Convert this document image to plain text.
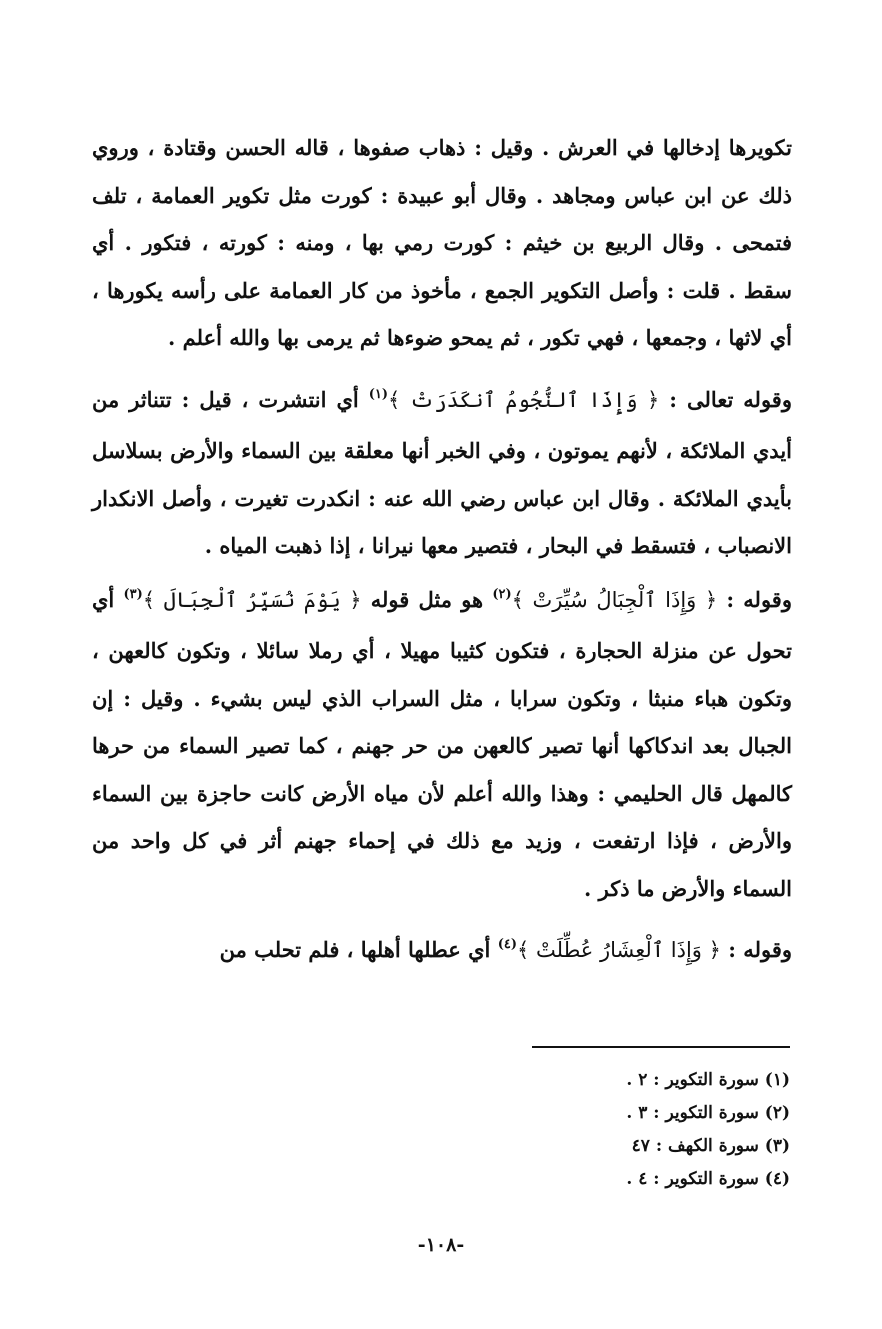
تكويرها إدخالها في العرش . وقيل : ذهاب صفوها ، قاله الحسن وقتادة ، وروي ذلك عن ابن عباس ومجاهد . وقال أبو عبيدة : كورت مثل تكوير العمامة ، تلف فتمحى . وقال الربيع بن خيثم : كورت رمي بها ، ومنه : كورته ، فتكور . أي سقط . قلت : وأصل التكوير الجمع ، مأخوذ من كار العمامة على رأسه يكورها ، أي لاثها ، وجمعها ، فهي تكور ، ثم يمحو ضوءها ثم يرمى بها والله أعلم .

وقوله تعالى : ﴿ وَإِذَا ٱلنُّجُومُ ٱنكَدَرَتْ ﴾$^{(١)}$ أي انتشرت ، قيل : تتناثر من أيدي الملائكة ، لأنهم يموتون ، وفي الخبر أنها معلقة بين السماء والأرض بسلاسل بأيدي الملائكة . وقال ابن عباس رضي الله عنه : انكدرت تغيرت ، وأصل الانكدار الانصباب ، فتسقط في البحار ، فتصير معها نيرانا ، إذا ذهبت المياه .

وقوله : ﴿ وَإِذَا ٱلْجِبَالُ سُيِّرَتْ ﴾$^{(٢)}$ هو مثل قوله ﴿ يَوْمَ نُسَيِّرُ ٱلْجِبَالَ ﴾$^{(٣)}$ أي تحول عن منزلة الحجارة ، فتكون كثيبا مهيلا ، أي رملا سائلا ، وتكون كالعهن ، وتكون هباء منبثا ، وتكون سرابا ، مثل السراب الذي ليس بشيء . وقيل : إن الجبال بعد اندكاكها أنها تصير كالعهن من حر جهنم ، كما تصير السماء من حرها كالمهل قال الحليمي : وهذا والله أعلم لأن مياه الأرض كانت حاجزة بين السماء والأرض ، فإذا ارتفعت ، وزيد مع ذلك في إحماء جهنم أثر في كل واحد من السماء والأرض ما ذكر .

وقوله : ﴿ وَإِذَا ٱلْعِشَارُ عُطِّلَتْ ﴾$^{(٤)}$ أي عطلها أهلها ، فلم تحلب من

(١) سورة التكوير : ٢ .

(٢) سورة التكوير : ٣ .

(٣) سورة الكهف : ٤٧

(٤) سورة التكوير : ٤ .

-١٠٨-
